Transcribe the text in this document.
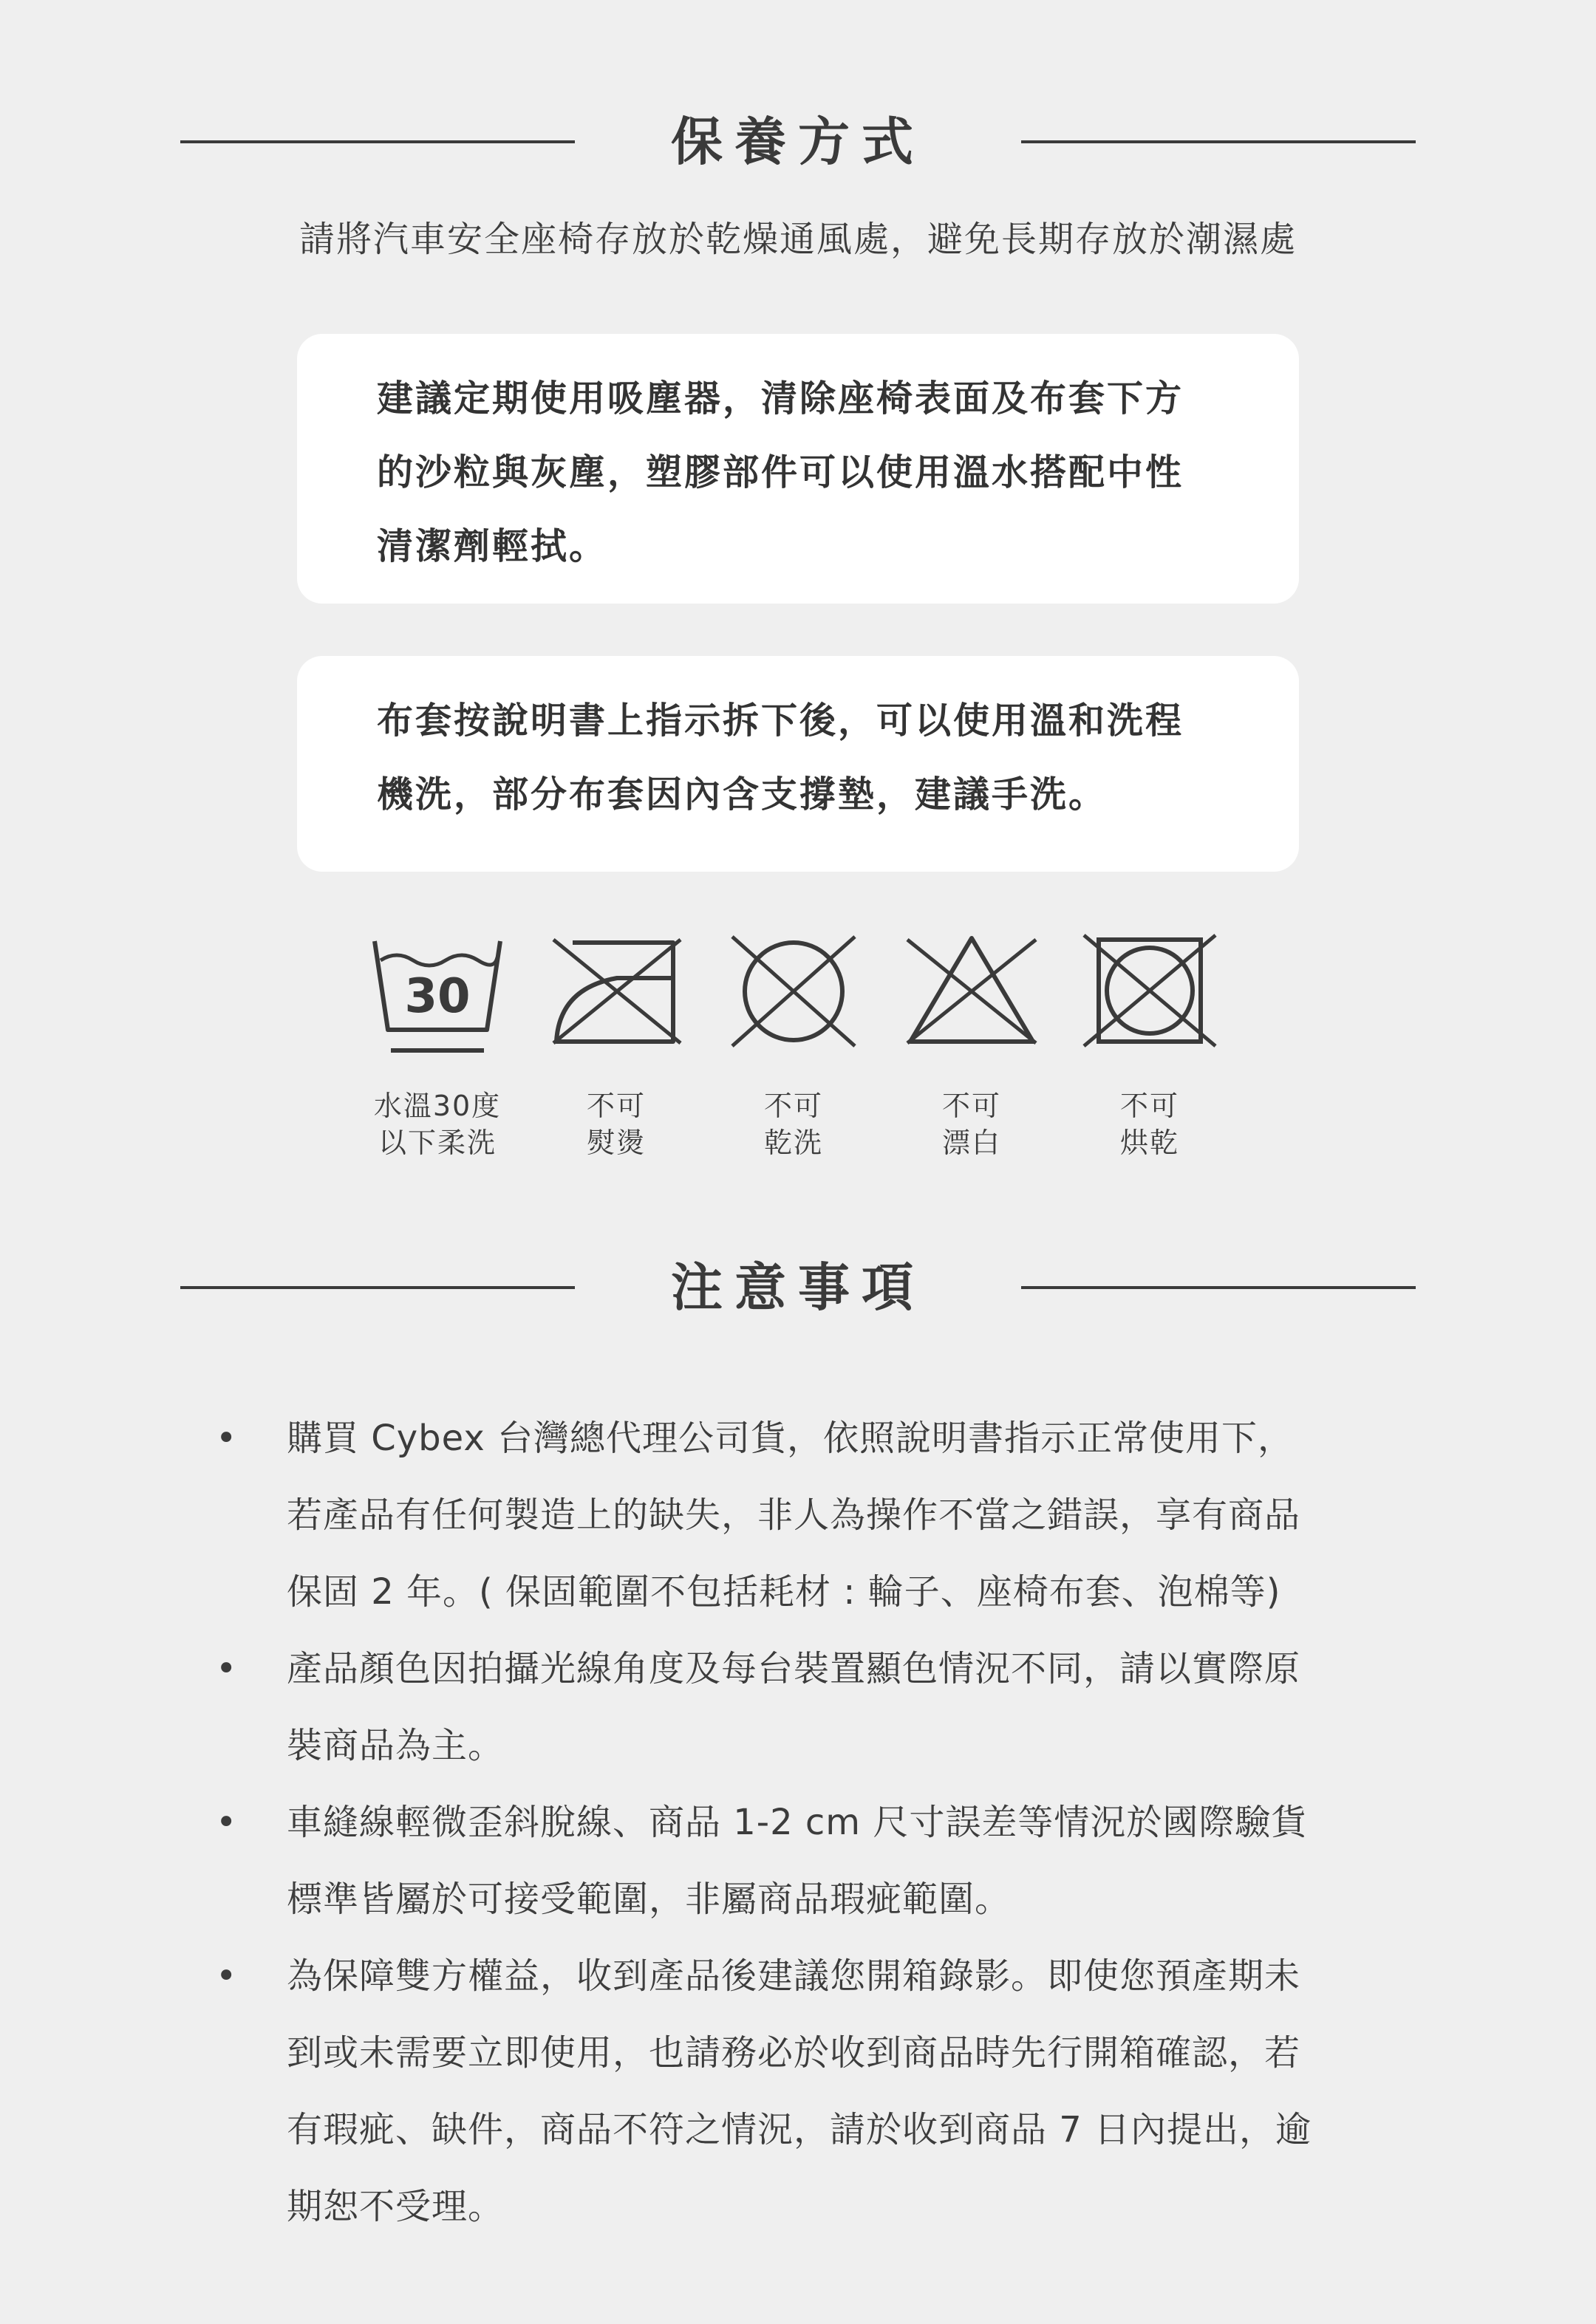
保養方式
請將汽車安全座椅存放於乾燥通風處，避免長期存放於潮濕處
建議定期使用吸塵器，清除座椅表面及布套下方
的沙粒與灰塵，塑膠部件可以使用溫水搭配中性
清潔劑輕拭。
布套按說明書上指示拆下後，可以使用溫和洗程
機洗，部分布套因內含支撐墊，建議手洗。
30
水溫30度
以下柔洗
不可
熨燙
不可
乾洗
不可
漂白
不可
烘乾
注意事項
• 購買 Cybex 台灣總代理公司貨，依照說明書指示正常使用下，
若產品有任何製造上的缺失，非人為操作不當之錯誤，享有商品
保固 2 年。( 保固範圍不包括耗材 : 輪子、座椅布套、泡棉等)
• 產品顏色因拍攝光線角度及每台裝置顯色情況不同，請以實際原
裝商品為主。
• 車縫線輕微歪斜脫線、商品 1-2 cm 尺寸誤差等情況於國際驗貨
標準皆屬於可接受範圍，非屬商品瑕疵範圍。
• 為保障雙方權益，收到產品後建議您開箱錄影。即使您預產期未
到或未需要立即使用，也請務必於收到商品時先行開箱確認，若
有瑕疵、缺件，商品不符之情況，請於收到商品 7 日內提出，逾
期恕不受理。
